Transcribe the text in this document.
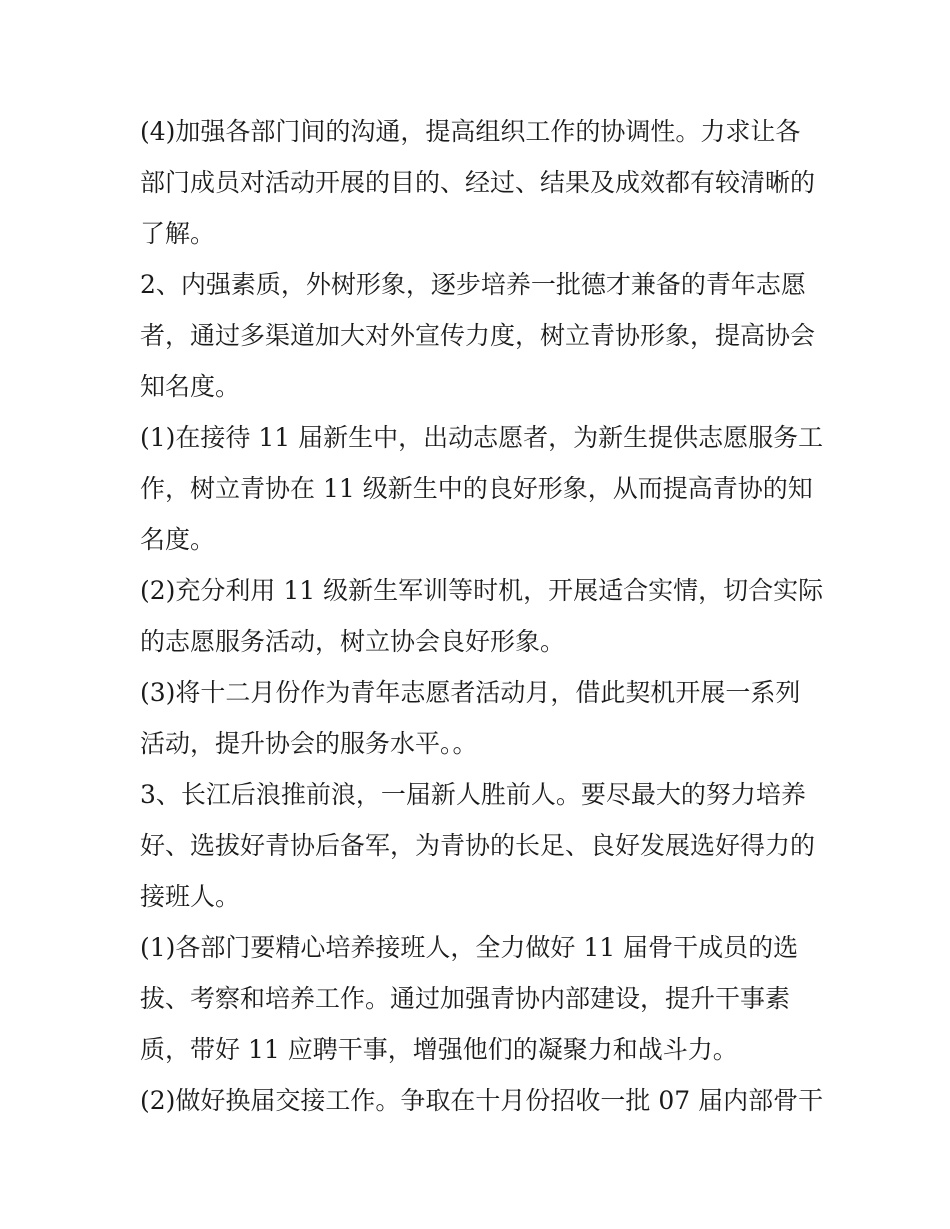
(4)加强各部门间的沟通，提高组织工作的协调性。力求让各
部门成员对活动开展的目的、经过、结果及成效都有较清晰的
了解。
2、内强素质，外树形象，逐步培养一批德才兼备的青年志愿
者，通过多渠道加大对外宣传力度，树立青协形象，提高协会
知名度。
(1)在接待 11 届新生中，出动志愿者，为新生提供志愿服务工
作，树立青协在 11 级新生中的良好形象，从而提高青协的知
名度。
(2)充分利用 11 级新生军训等时机，开展适合实情，切合实际
的志愿服务活动，树立协会良好形象。
(3)将十二月份作为青年志愿者活动月，借此契机开展一系列
活动，提升协会的服务水平。。
3、长江后浪推前浪，一届新人胜前人。要尽最大的努力培养
好、选拔好青协后备军，为青协的长足、良好发展选好得力的
接班人。
(1)各部门要精心培养接班人，全力做好 11 届骨干成员的选
拔、考察和培养工作。通过加强青协内部建设，提升干事素
质，带好 11 应聘干事，增强他们的凝聚力和战斗力。
(2)做好换届交接工作。争取在十月份招收一批 07 届内部骨干
